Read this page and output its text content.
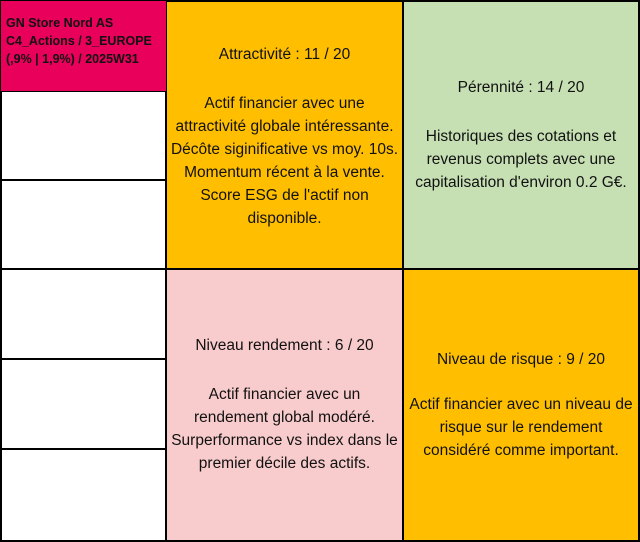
GN Store Nord AS
C4_Actions / 3_EUROPE
(,9% | 1,9%) / 2025W31	Attractivité : 11 / 20
Actif financier avec une
attractivité globale intéressante.
Décôte siginificative vs moy. 10s.
Momentum récent à la vente.
Score ESG de l'actif non
disponible.
Pérennité : 14 / 20
Historiques des cotations et
revenus complets avec une
capitalisation d'environ 0.2 G€.
Niveau rendement : 6 / 20
Actif financier avec un
rendement global modéré.
Surperformance vs index dans le
premier décile des actifs.
Niveau de risque : 9 / 20
Actif financier avec un niveau de
risque sur le rendement
considéré comme important.
